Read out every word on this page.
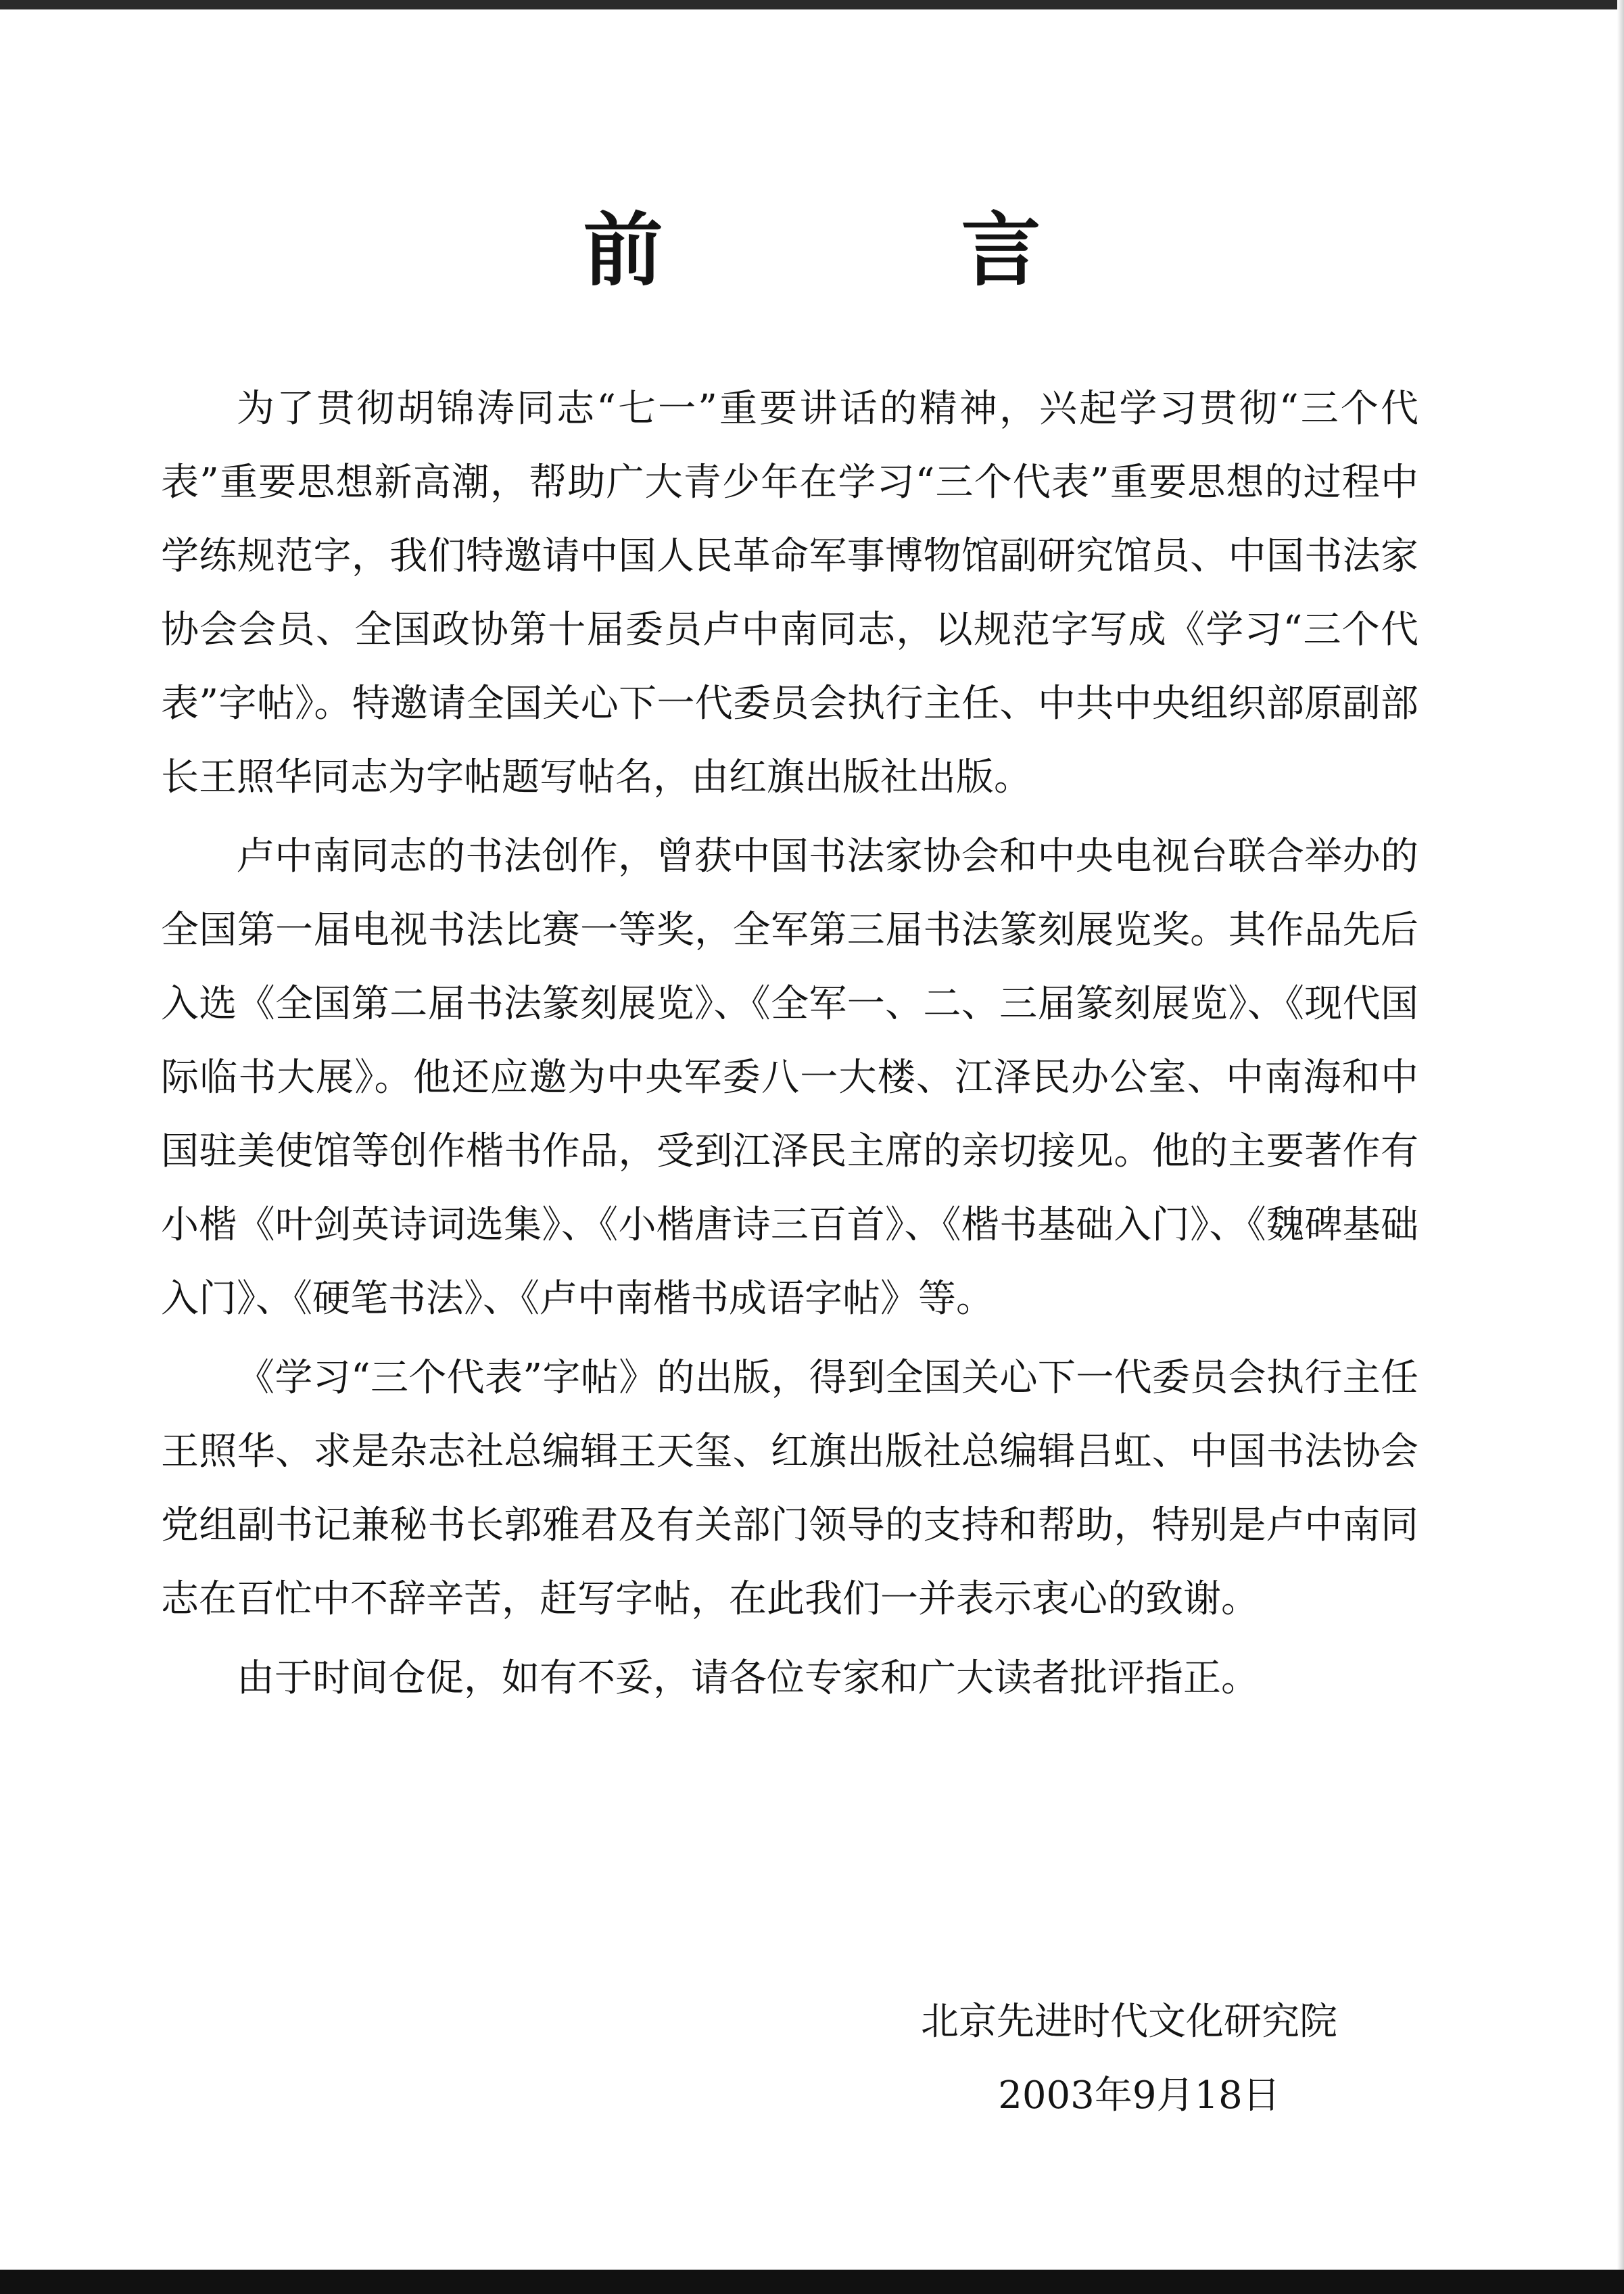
前 言

为了贯彻胡锦涛同志“七一”重要讲话的精神，兴起学习贯彻“三个代表”重要思想新高潮，帮助广大青少年在学习“三个代表”重要思想的过程中学练规范字，我们特邀请中国人民革命军事博物馆副研究馆员、中国书法家协会会员、全国政协第十届委员卢中南同志，以规范字写成《学习“三个代表”字帖》。特邀请全国关心下一代委员会执行主任、中共中央组织部原副部长王照华同志为字帖题写帖名，由红旗出版社出版。

卢中南同志的书法创作，曾获中国书法家协会和中央电视台联合举办的全国第一届电视书法比赛一等奖，全军第三届书法篆刻展览奖。其作品先后入选《全国第二届书法篆刻展览》、《全军一、二、三届篆刻展览》、《现代国际临书大展》。他还应邀为中央军委八一大楼、江泽民办公室、中南海和中国驻美使馆等创作楷书作品，受到江泽民主席的亲切接见。他的主要著作有小楷《叶剑英诗词选集》、《小楷唐诗三百首》、《楷书基础入门》、《魏碑基础入门》、《硬笔书法》、《卢中南楷书成语字帖》等。

《学习“三个代表”字帖》的出版，得到全国关心下一代委员会执行主任王照华、求是杂志社总编辑王天玺、红旗出版社总编辑吕虹、中国书法协会党组副书记兼秘书长郭雅君及有关部门领导的支持和帮助，特别是卢中南同志在百忙中不辞辛苦，赶写字帖，在此我们一并表示衷心的致谢。

由于时间仓促，如有不妥，请各位专家和广大读者批评指正。

北京先进时代文化研究院
2003年9月18日
